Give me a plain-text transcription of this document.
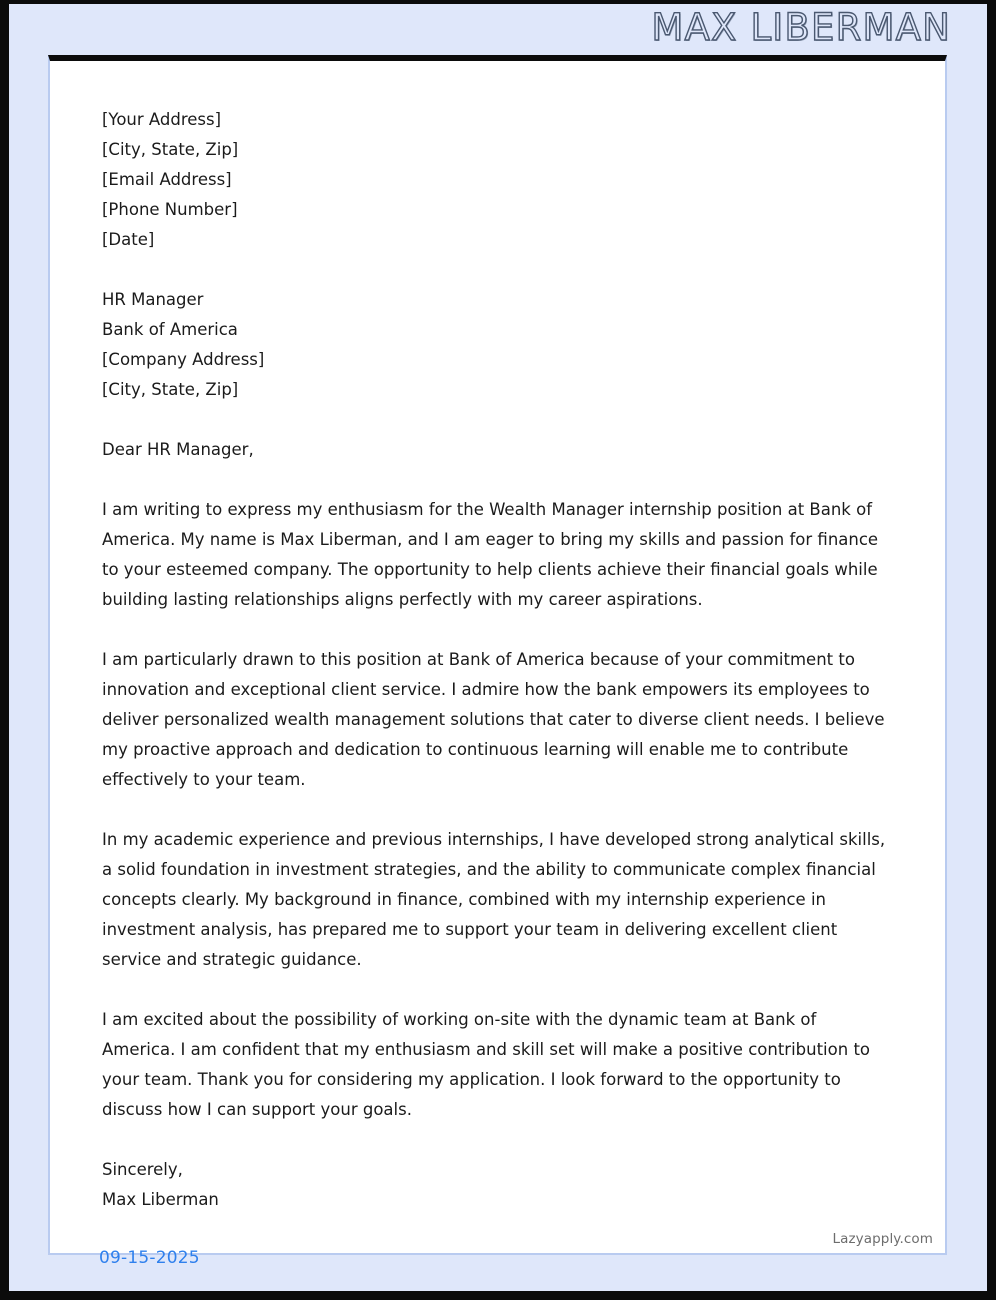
MAX LIBERMAN
[Your Address]
[City, State, Zip]
[Email Address]
[Phone Number]
[Date]
HR Manager
Bank of America
[Company Address]
[City, State, Zip]
Dear HR Manager,

I am writing to express my enthusiasm for the Wealth Manager internship position at Bank of America. My name is Max Liberman, and I am eager to bring my skills and passion for finance to your esteemed company. The opportunity to help clients achieve their financial goals while building lasting relationships aligns perfectly with my career aspirations.

I am particularly drawn to this position at Bank of America because of your commitment to innovation and exceptional client service. I admire how the bank empowers its employees to deliver personalized wealth management solutions that cater to diverse client needs. I believe my proactive approach and dedication to continuous learning will enable me to contribute effectively to your team.

In my academic experience and previous internships, I have developed strong analytical skills, a solid foundation in investment strategies, and the ability to communicate complex financial concepts clearly. My background in finance, combined with my internship experience in investment analysis, has prepared me to support your team in delivering excellent client service and strategic guidance.

I am excited about the possibility of working on-site with the dynamic team at Bank of America. I am confident that my enthusiasm and skill set will make a positive contribution to your team. Thank you for considering my application. I look forward to the opportunity to discuss how I can support your goals.

Sincerely,
Max Liberman
Lazyapply.com
09-15-2025
